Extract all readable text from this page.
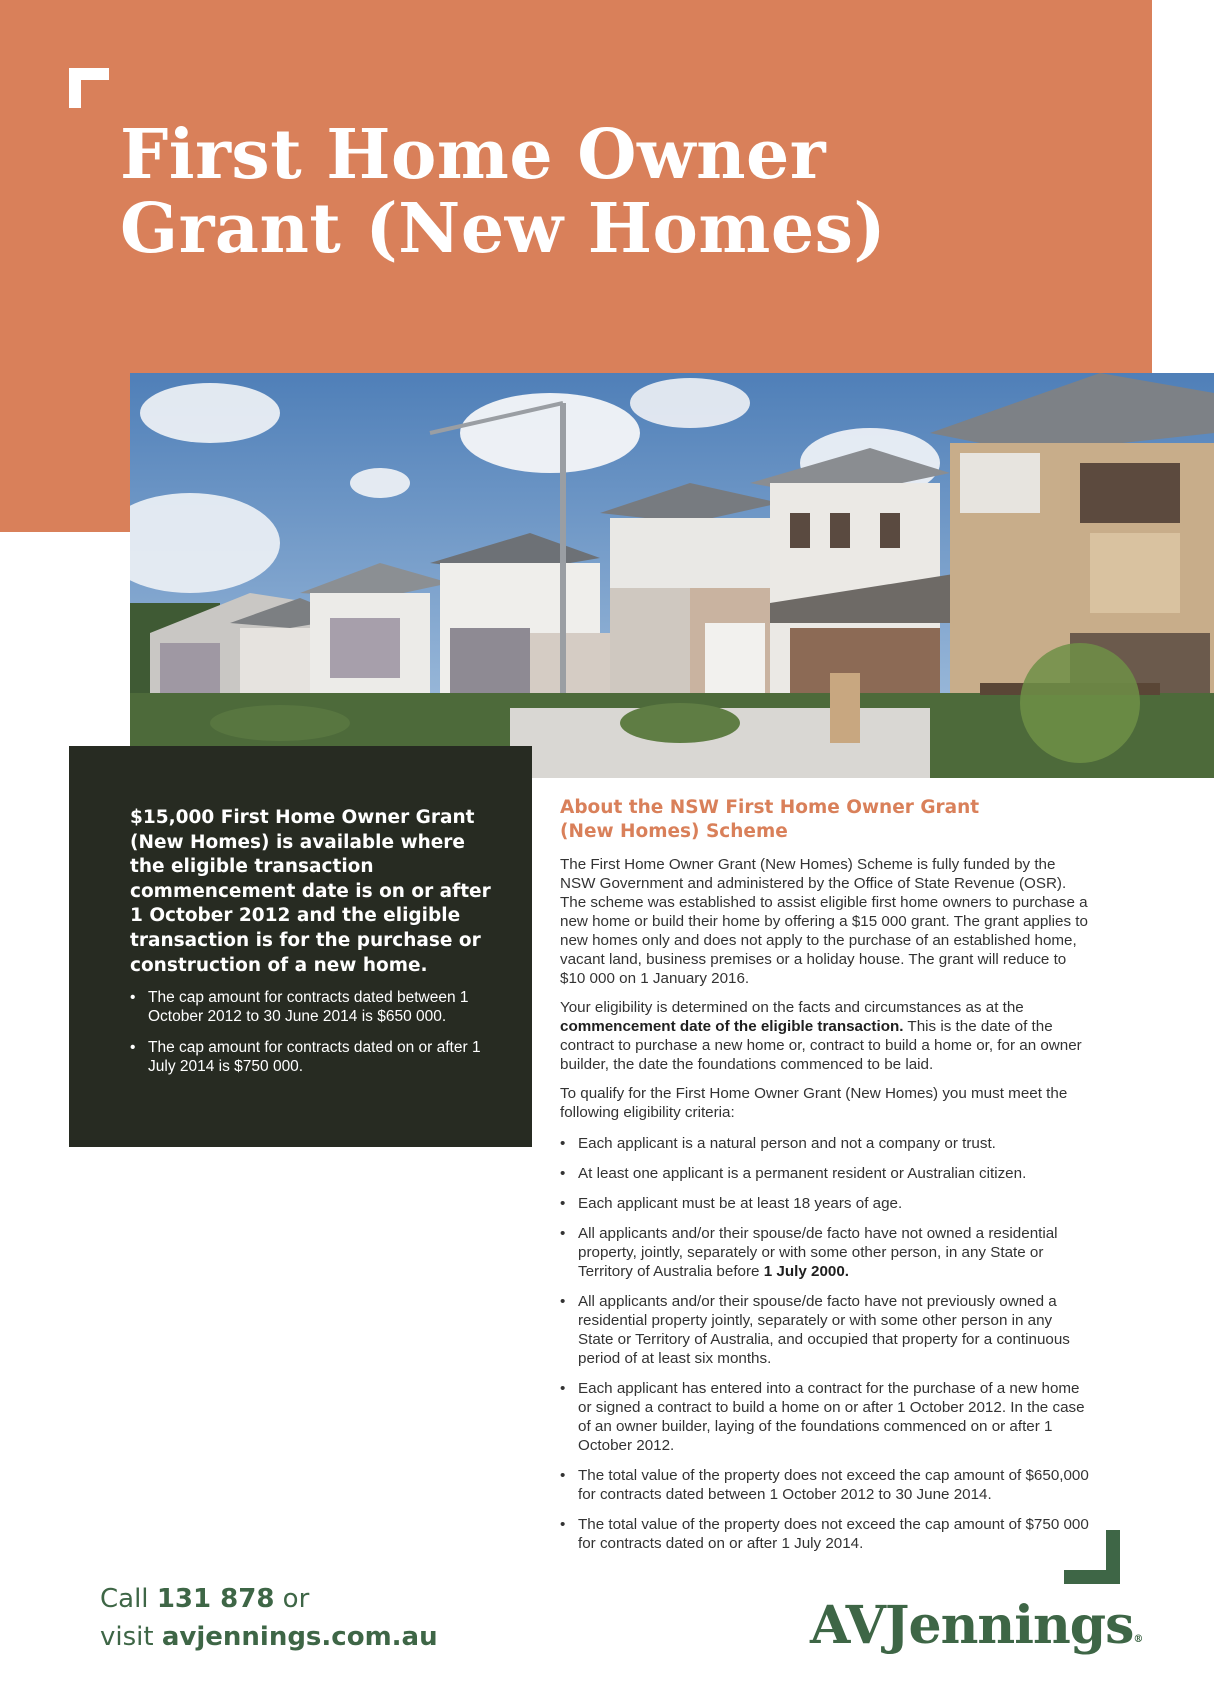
First Home Owner
Grant (New Homes)

$15,000 First Home Owner Grant (New Homes) is available where the eligible transaction commencement date is on or after 1 October 2012 and the eligible transaction is for the purchase or construction of a new home.

• The cap amount for contracts dated between 1 October 2012 to 30 June 2014 is $650 000.
• The cap amount for contracts dated on or after 1 July 2014 is $750 000.
About the NSW First Home Owner Grant (New Homes) Scheme

The First Home Owner Grant (New Homes) Scheme is fully funded by the NSW Government and administered by the Office of State Revenue (OSR). The scheme was established to assist eligible first home owners to purchase a new home or build their home by offering a $15 000 grant. The grant applies to new homes only and does not apply to the purchase of an established home, vacant land, business premises or a holiday house. The grant will reduce to $10 000 on 1 January 2016.

Your eligibility is determined on the facts and circumstances as at the commencement date of the eligible transaction. This is the date of the contract to purchase a new home or, contract to build a home or, for an owner builder, the date the foundations commenced to be laid.

To qualify for the First Home Owner Grant (New Homes) you must meet the following eligibility criteria:

• Each applicant is a natural person and not a company or trust.
• At least one applicant is a permanent resident or Australian citizen.
• Each applicant must be at least 18 years of age.
• All applicants and/or their spouse/de facto have not owned a residential property, jointly, separately or with some other person, in any State or Territory of Australia before 1 July 2000.
• All applicants and/or their spouse/de facto have not previously owned a residential property jointly, separately or with some other person in any State or Territory of Australia, and occupied that property for a continuous period of at least six months.
• Each applicant has entered into a contract for the purchase of a new home or signed a contract to build a home on or after 1 October 2012. In the case of an owner builder, laying of the foundations commenced on or after 1 October 2012.
• The total value of the property does not exceed the cap amount of $650,000 for contracts dated between 1 October 2012 to 30 June 2014.
• The total value of the property does not exceed the cap amount of $750 000 for contracts dated on or after 1 July 2014.
Call 131 878 or
visit avjennings.com.au	AVJennings®
